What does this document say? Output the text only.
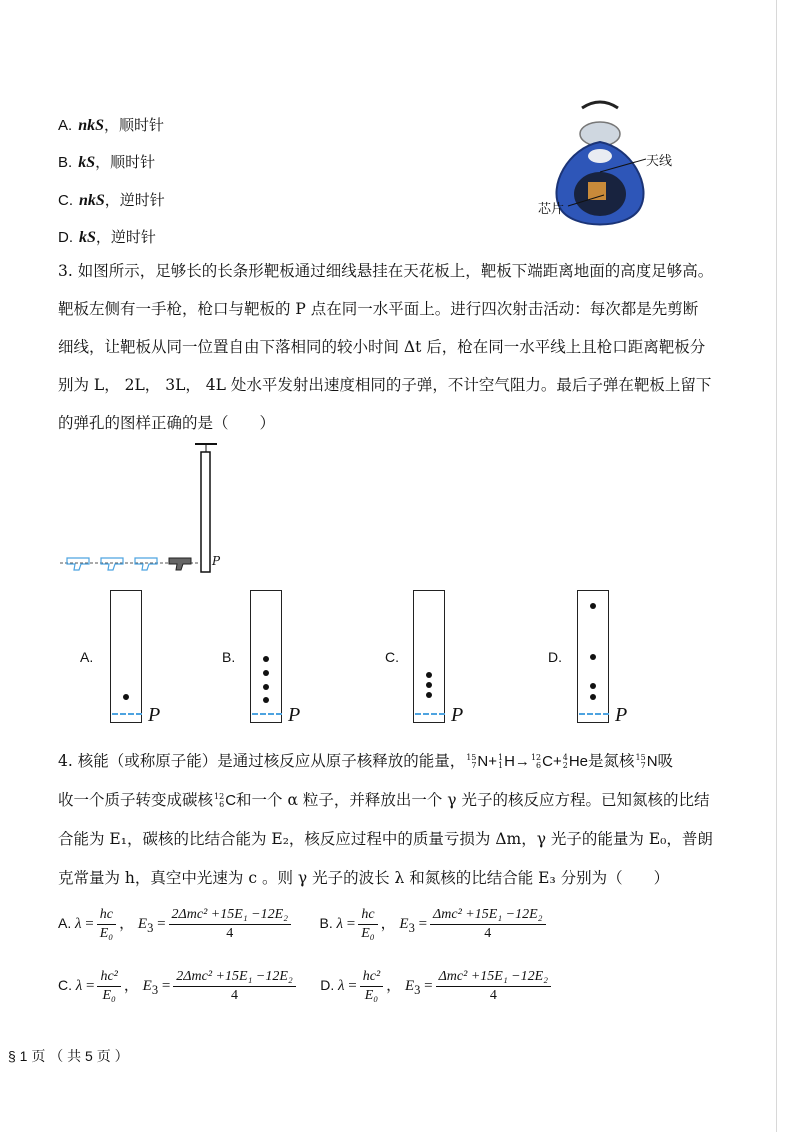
A. nkS，顺时针
B. kS，顺时针
C. nkS，逆时针
D. kS，逆时针
天线
芯片
3. 如图所示，足够长的长条形靶板通过细线悬挂在天花板上，靶板下端距离地面的高度足够高。
靶板左侧有一手枪，枪口与靶板的 P 点在同一水平面上。进行四次射击活动：每次都是先剪断
细线，让靶板从同一位置自由下落相同的较小时间 Δt 后，枪在同一水平线上且枪口距离靶板分
别为 L， 2L， 3L， 4L 处水平发射出速度相同的子弹，不计空气阻力。最后子弹在靶板上留下
的弹孔的图样正确的是（　　）
P
A.
P
B.
P
C.
P
D.
P
4. 核能（或称原子能）是通过核反应从原子核释放的能量， 15
7 N+ 1
1 H→ 12
6 C+ 4
2 He是氮核 15
7 N吸
收一个质子转变成碳核 12
6 C和一个 α 粒子，并释放出一个 γ 光子的核反应方程。已知氮核的比结
合能为 E₁，碳核的比结合能为 E₂，核反应过程中的质量亏损为 Δm，γ 光子的能量为 E₀，普朗
克常量为 h，真空中光速为 c 。则 γ 光子的波长 λ 和氮核的比结合能 E₃ 分别为（　　）
A. $\lambda = \frac{hc}{\text{E₀}}$ ， $E_3 = \frac{\text{2Δmc² +15E₁ −12E₂}}{4} B$. $\lambda = \frac{hc}{\text{E₀}}$ ， $E_3 = \frac{\text{Δmc² +15E₁ −12E₂}}{4}$
C. $\lambda = \frac{\text{hc²}}{\text{E₀}}$ ， $E_3 = \frac{\text{2Δmc² +15E₁ −12E₂}}{4} D$. $\lambda = \frac{\text{hc²}}{\text{E₀}}$ ， $E_3 = \frac{\text{Δmc² +15E₁ −12E₂}}{4}$
§ 1 页 （ 共 5 页 ）
